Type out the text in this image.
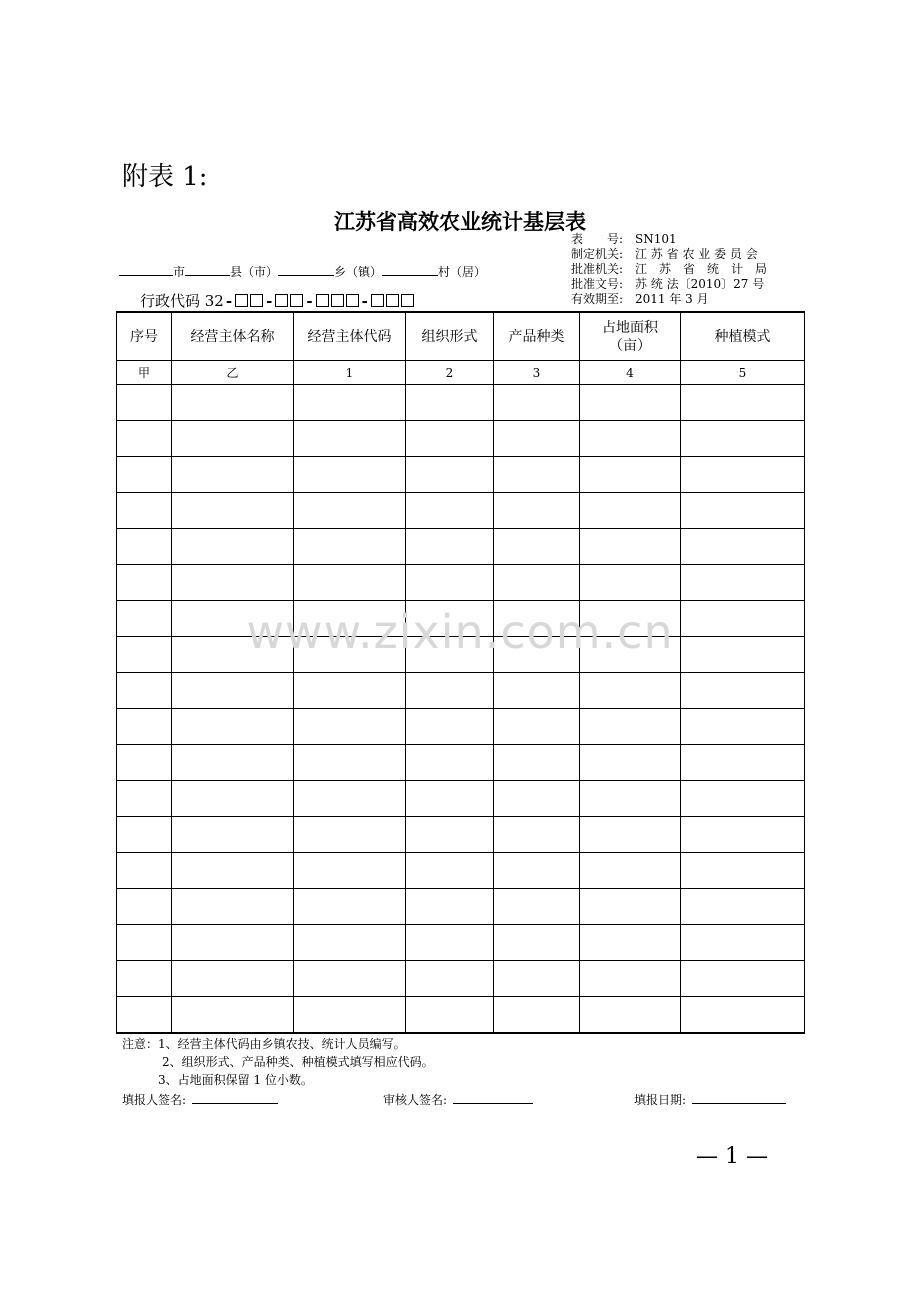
附表 1:
江苏省高效农业统计基层表
表　　号: SN101
制定机关: 江 苏 省 农 业 委 员 会
批准机关: 江　苏　省　统　计　局
批准文号: 苏 统 法〔2010〕27 号
有效期至: 2011 年 3 月
市	县（市）	乡（镇）	村（居）
行政代码 32 - - -	-
序号	经营主体名称	经营主体代码	组织形式	产品种类	占地面积
（亩）	种植模式
甲	乙	1	2	3	4	5

www.zixin.com.cn
注意：1、经营主体代码由乡镇农技、统计人员编写。
2、组织形式、产品种类、种植模式填写相应代码。
3、占地面积保留 1 位小数。
填报人签名:	审核人签名:	填报日期:
— 1 —
